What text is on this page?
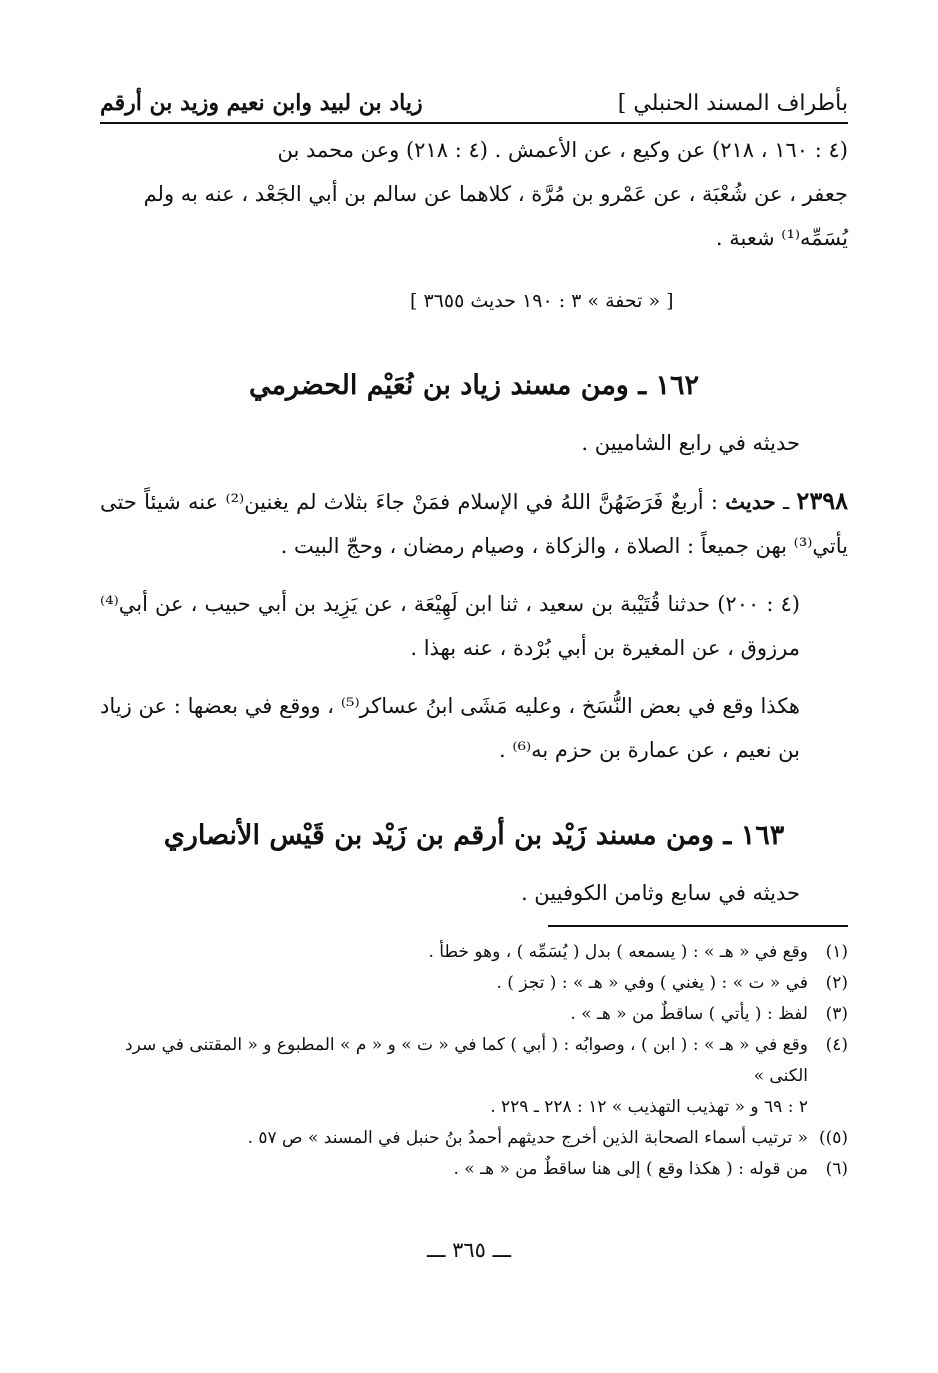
بأطراف المسند الحنبلي ]
زياد بن لبيد وابن نعيم وزيد بن أرقم
(٤ : ١٦٠ ، ٢١٨) عن وكيع ، عن الأعمش . (٤ : ٢١٨) وعن محمد بن
جعفر ، عن شُعْبَة ، عن عَمْرو بن مُرَّة ، كلاهما عن سالم بن أبي الجَعْد ، عنه به ولم
يُسَمِّه⁽¹⁾ شعبة .
[ « تحفة » ٣ : ١٩٠ حديث ٣٦٥٥ ]
١٦٢ ـ ومن مسند زياد بن نُعَيْم الحضرمي

حديثه في رابع الشاميين .

٢٣٩٨ ـ حديث : أربعٌ فَرَضَهُنَّ اللهُ في الإسلام فمَنْ جاءَ بثلاث لم يغنين⁽²⁾ عنه شيئاً حتى يأتي⁽³⁾ بهن جميعاً : الصلاة ، والزكاة ، وصيام رمضان ، وحجّ البيت .

(٤ : ٢٠٠) حدثنا قُتَيْبة بن سعيد ، ثنا ابن لَهِيْعَة ، عن يَزِيد بن أبي حبيب ، عن أبي⁽⁴⁾ مرزوق ، عن المغيرة بن أبي بُرْدة ، عنه بهذا .

هكذا وقع في بعض النُّسَخ ، وعليه مَشَى ابنُ عساكر⁽⁵⁾ ، ووقع في بعضها : عن زياد بن نعيم ، عن عمارة بن حزم به⁽⁶⁾ .

١٦٣ ـ ومن مسند زَيْد بن أرقم بن زَيْد بن قَيْس الأنصاري

حديثه في سابع وثامن الكوفيين .

(١)
وقع في « هـ » : ( يسمعه ) بدل ( يُسَمِّه ) ، وهو خطأ .
(٢)
في « ت » : ( يغني ) وفي « هـ » : ( تجز ) .
(٣)
لفظ : ( يأتي ) ساقطٌ من « هـ » .
(٤)
وقع في « هـ » : ( ابن ) ، وصوابُه : ( أبي ) كما في « ت » و « م » المطبوع و « المقتنى في سرد الكنى »
٢ : ٦٩ و « تهذيب التهذيب » ١٢ : ٢٢٨ ـ ٢٢٩ .
(٥))
« ترتيب أسماء الصحابة الذين أخرج حديثهم أحمدُ بنُ حنبل في المسند » ص ٥٧ .
(٦)
من قوله : ( هكذا وقع ) إلى هنا ساقطٌ من « هـ » .
ـــ ٣٦٥ ـــ
